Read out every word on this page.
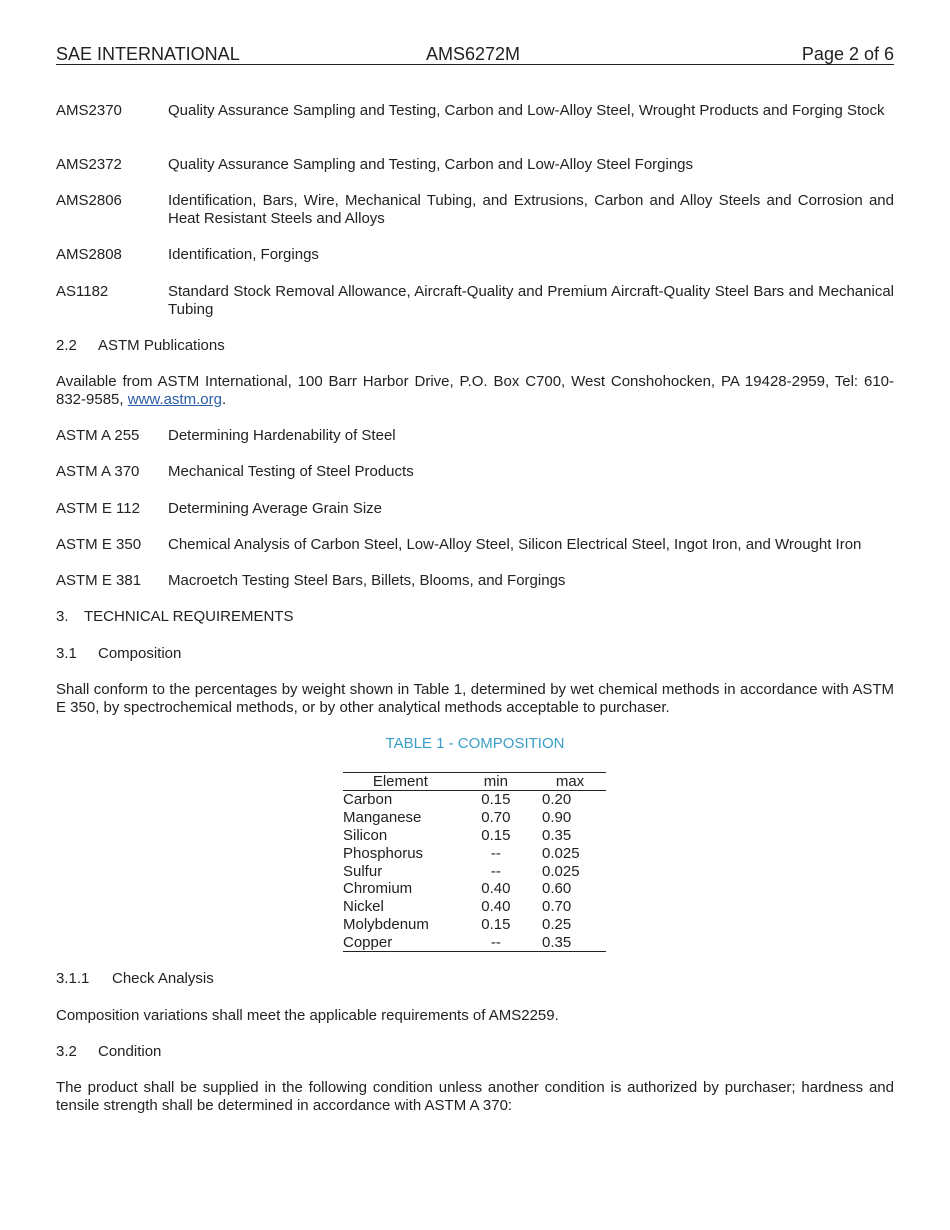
SAE INTERNATIONAL	AMS6272M	Page 2 of 6
AMS2370	Quality Assurance Sampling and Testing, Carbon and Low-Alloy Steel, Wrought Products and Forging Stock
AMS2372	Quality Assurance Sampling and Testing, Carbon and Low-Alloy Steel Forgings
AMS2806	Identification, Bars, Wire, Mechanical Tubing, and Extrusions, Carbon and Alloy Steels and Corrosion and Heat Resistant Steels and Alloys
AMS2808	Identification, Forgings
AS1182	Standard Stock Removal Allowance, Aircraft-Quality and Premium Aircraft-Quality Steel Bars and Mechanical Tubing
2.2 ASTM Publications
Available from ASTM International, 100 Barr Harbor Drive, P.O. Box C700, West Conshohocken, PA 19428-2959, Tel: 610-832-9585, www.astm.org.
ASTM A 255	Determining Hardenability of Steel
ASTM A 370	Mechanical Testing of Steel Products
ASTM E 112	Determining Average Grain Size
ASTM E 350	Chemical Analysis of Carbon Steel, Low-Alloy Steel, Silicon Electrical Steel, Ingot Iron, and Wrought Iron
ASTM E 381	Macroetch Testing Steel Bars, Billets, Blooms, and Forgings
3. TECHNICAL REQUIREMENTS
3.1 Composition
Shall conform to the percentages by weight shown in Table 1, determined by wet chemical methods in accordance with ASTM E 350, by spectrochemical methods, or by other analytical methods acceptable to purchaser.
TABLE 1 - COMPOSITION
Element	min	max
Carbon	0.15	0.20
Manganese	0.70	0.90
Silicon	0.15	0.35
Phosphorus	--	0.025
Sulfur	--	0.025
Chromium	0.40	0.60
Nickel	0.40	0.70
Molybdenum	0.15	0.25
Copper	--	0.35
3.1.1 Check Analysis
Composition variations shall meet the applicable requirements of AMS2259.
3.2 Condition
The product shall be supplied in the following condition unless another condition is authorized by purchaser; hardness and tensile strength shall be determined in accordance with ASTM A 370:
